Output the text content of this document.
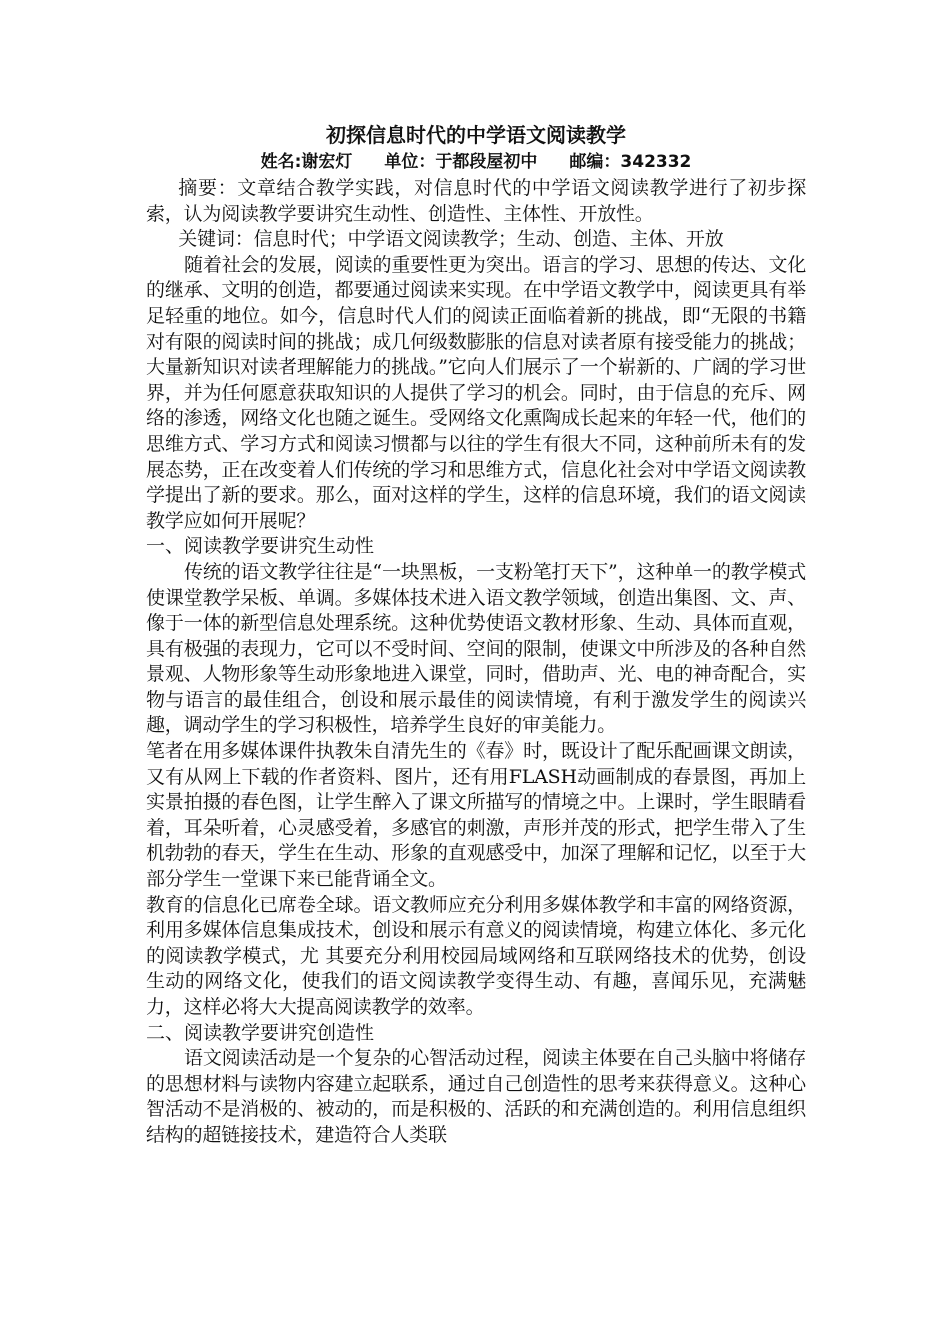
初探信息时代的中学语文阅读教学
姓名:谢宏灯 单位：于都段屋初中 邮编：342332

摘要：文章结合教学实践，对信息时代的中学语文阅读教学进行了初步探索，认为阅读教学要讲究生动性、创造性、主体性、开放性。

关键词：信息时代；中学语文阅读教学；生动、创造、主体、开放

随着社会的发展，阅读的重要性更为突出。语言的学习、思想的传达、文化的继承、文明的创造，都要通过阅读来实现。在中学语文教学中，阅读更具有举足轻重的地位。如今，信息时代人们的阅读正面临着新的挑战，即“无限的书籍对有限的阅读时间的挑战；成几何级数膨胀的信息对读者原有接受能力的挑战；大量新知识对读者理解能力的挑战。”它向人们展示了一个崭新的、广阔的学习世界，并为任何愿意获取知识的人提供了学习的机会。同时，由于信息的充斥、网络的渗透，网络文化也随之诞生。受网络文化熏陶成长起来的年轻一代，他们的思维方式、学习方式和阅读习惯都与以往的学生有很大不同，这种前所未有的发展态势，正在改变着人们传统的学习和思维方式，信息化社会对中学语文阅读教学提出了新的要求。那么，面对这样的学生，这样的信息环境，我们的语文阅读教学应如何开展呢？

一、阅读教学要讲究生动性

传统的语文教学往往是“一块黑板，一支粉笔打天下”，这种单一的教学模式使课堂教学呆板、单调。多媒体技术进入语文教学领域，创造出集图、文、声、像于一体的新型信息处理系统。这种优势使语文教材形象、生动、具体而直观，具有极强的表现力，它可以不受时间、空间的限制，使课文中所涉及的各种自然景观、人物形象等生动形象地进入课堂，同时，借助声、光、电的神奇配合，实物与语言的最佳组合，创设和展示最佳的阅读情境，有利于激发学生的阅读兴趣，调动学生的学习积极性，培养学生良好的审美能力。

笔者在用多媒体课件执教朱自清先生的《春》时，既设计了配乐配画课文朗读，又有从网上下载的作者资料、图片，还有用FLASH动画制成的春景图，再加上实景拍摄的春色图，让学生醉入了课文所描写的情境之中。上课时，学生眼睛看着，耳朵听着，心灵感受着，多感官的刺激，声形并茂的形式，把学生带入了生机勃勃的春天，学生在生动、形象的直观感受中，加深了理解和记忆，以至于大部分学生一堂课下来已能背诵全文。

教育的信息化已席卷全球。语文教师应充分利用多媒体教学和丰富的网络资源，利用多媒体信息集成技术，创设和展示有意义的阅读情境，构建立体化、多元化的阅读教学模式，尤 其要充分利用校园局域网络和互联网络技术的优势，创设生动的网络文化，使我们的语文阅读教学变得生动、有趣，喜闻乐见，充满魅力，这样必将大大提高阅读教学的效率。

二、阅读教学要讲究创造性

语文阅读活动是一个复杂的心智活动过程，阅读主体要在自己头脑中将储存的思想材料与读物内容建立起联系，通过自己创造性的思考来获得意义。这种心智活动不是消极的、被动的，而是积极的、活跃的和充满创造的。利用信息组织结构的超链接技术，建造符合人类联
